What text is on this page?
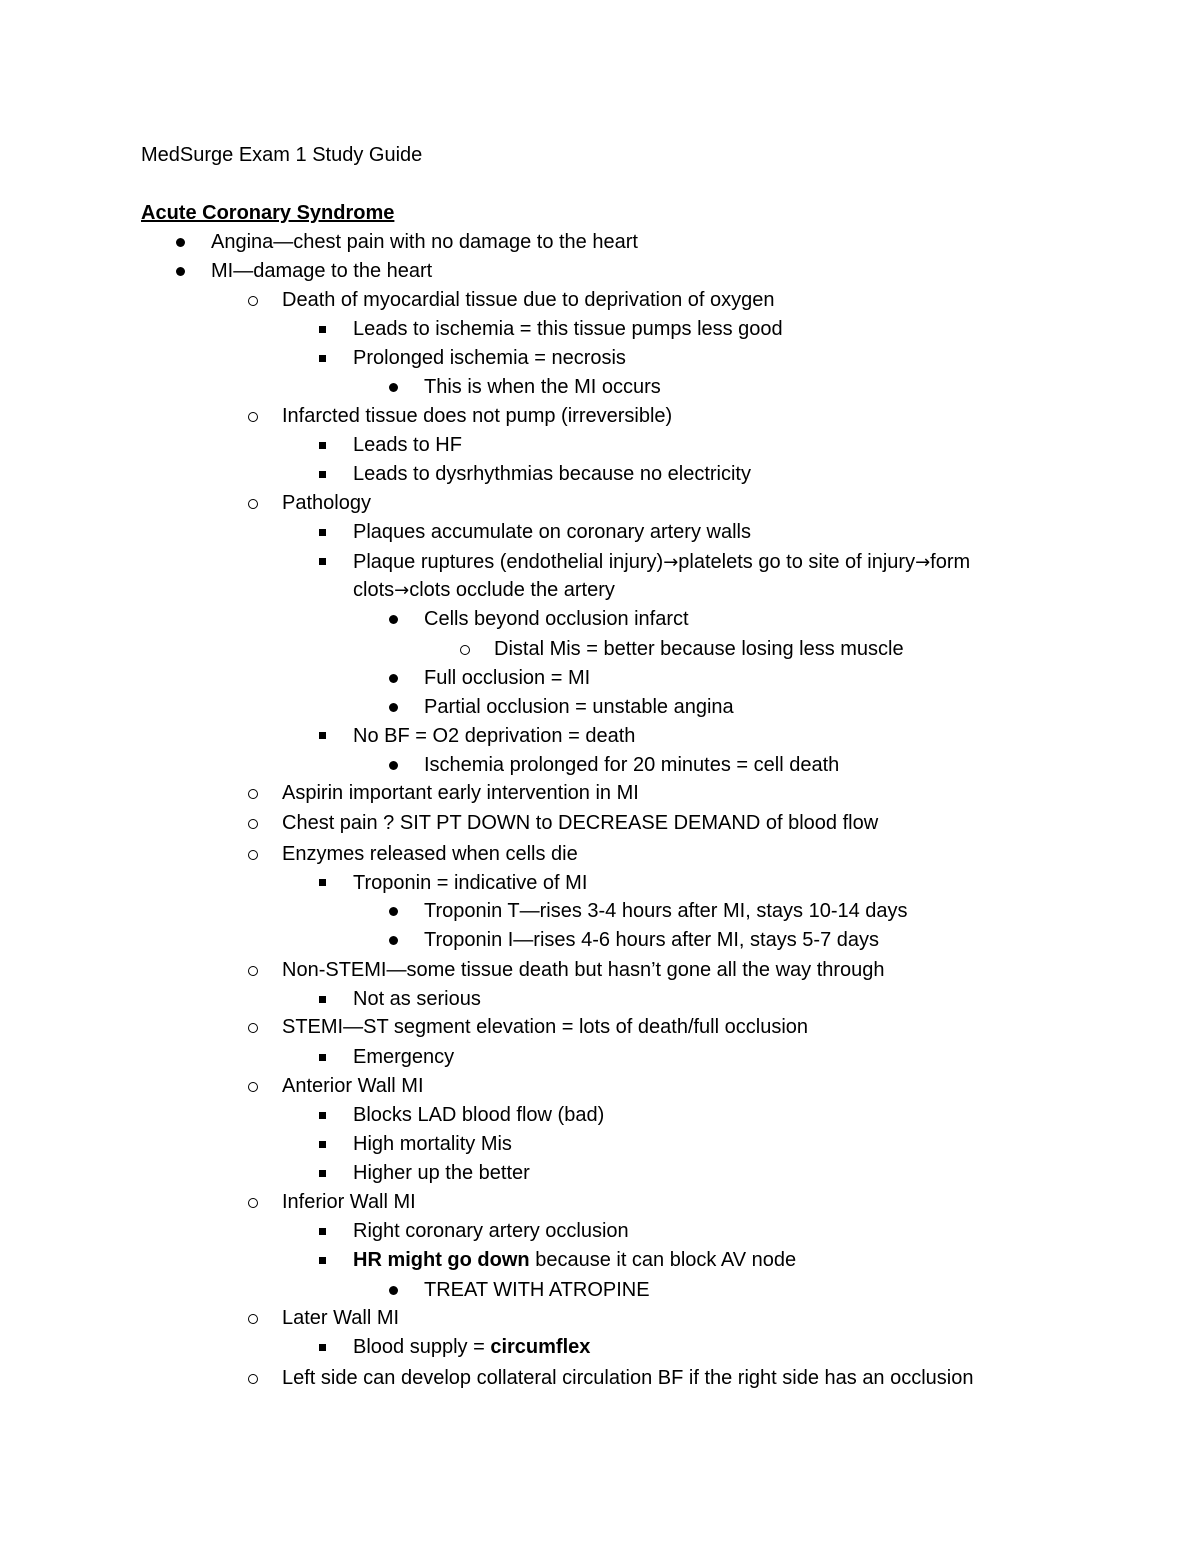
MedSurge Exam 1 Study Guide
Acute Coronary Syndrome
Angina—chest pain with no damage to the heart
MI—damage to the heart
Death of myocardial tissue due to deprivation of oxygen
Leads to ischemia = this tissue pumps less good
Prolonged ischemia = necrosis
This is when the MI occurs
Infarcted tissue does not pump (irreversible)
Leads to HF
Leads to dysrhythmias because no electricity
Pathology
Plaques accumulate on coronary artery walls
Plaque ruptures (endothelial injury)→platelets go to site of injury→form
clots→clots occlude the artery
Cells beyond occlusion infarct
Distal Mis = better because losing less muscle
Full occlusion = MI
Partial occlusion = unstable angina
No BF = O2 deprivation = death
Ischemia prolonged for 20 minutes = cell death
Aspirin important early intervention in MI
Chest pain ? SIT PT DOWN to DECREASE DEMAND of blood flow
Enzymes released when cells die
Troponin = indicative of MI
Troponin T—rises 3-4 hours after MI, stays 10-14 days
Troponin I—rises 4-6 hours after MI, stays 5-7 days
Non-STEMI—some tissue death but hasn’t gone all the way through
Not as serious
STEMI—ST segment elevation = lots of death/full occlusion
Emergency
Anterior Wall MI
Blocks LAD blood flow (bad)
High mortality Mis
Higher up the better
Inferior Wall MI
Right coronary artery occlusion
HR might go down because it can block AV node
TREAT WITH ATROPINE
Later Wall MI
Blood supply = circumflex
Left side can develop collateral circulation BF if the right side has an occlusion
